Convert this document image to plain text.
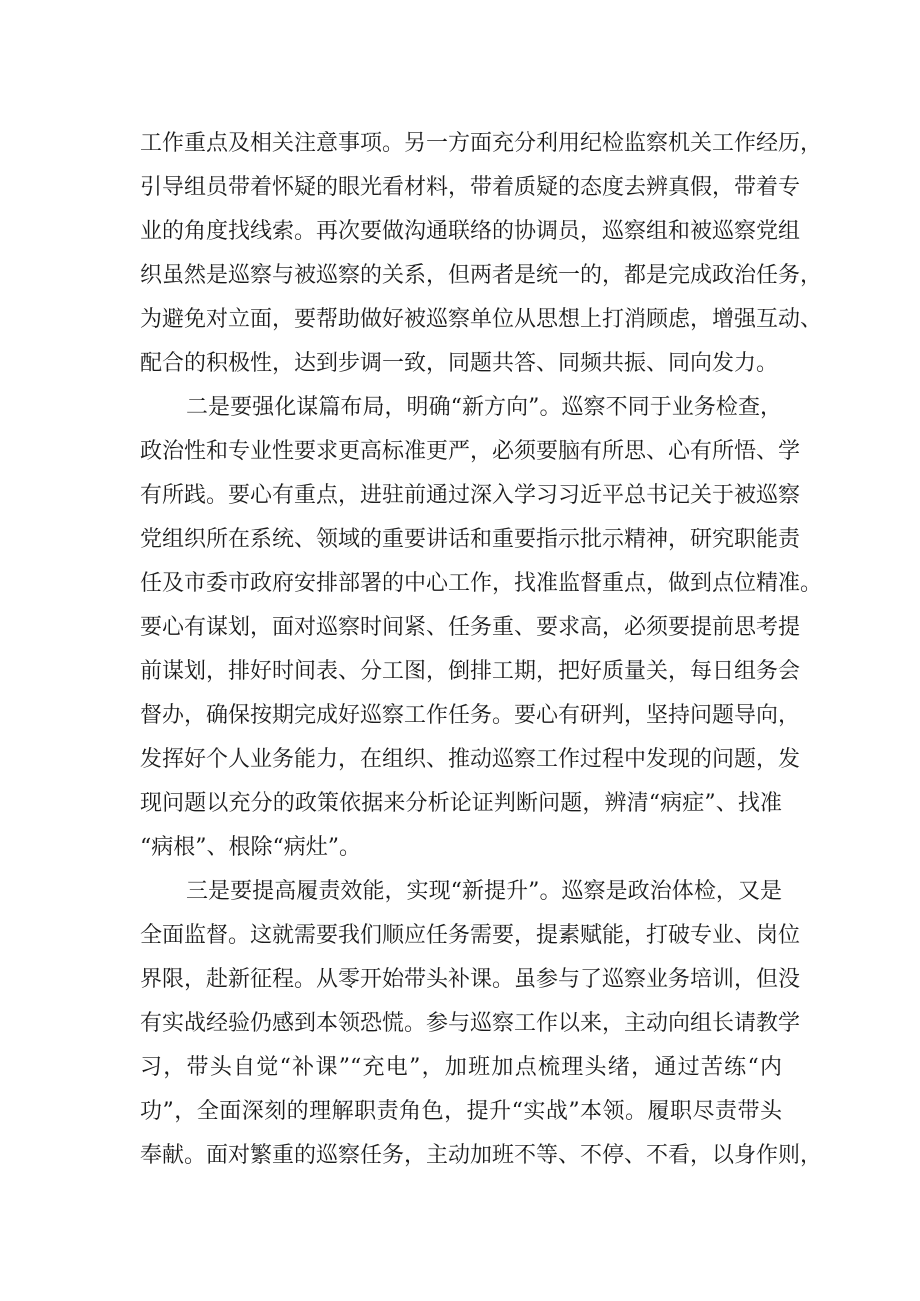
工作重点及相关注意事项。另一方面充分利用纪检监察机关工作经历，
引导组员带着怀疑的眼光看材料，带着质疑的态度去辨真假，带着专
业的角度找线索。再次要做沟通联络的协调员，巡察组和被巡察党组
织虽然是巡察与被巡察的关系，但两者是统一的，都是完成政治任务，
为避免对立面，要帮助做好被巡察单位从思想上打消顾虑，增强互动、
配合的积极性，达到步调一致，同题共答、同频共振、同向发力。
二是要强化谋篇布局，明确“新方向”。巡察不同于业务检查，
政治性和专业性要求更高标准更严，必须要脑有所思、心有所悟、学
有所践。要心有重点，进驻前通过深入学习习近平总书记关于被巡察
党组织所在系统、领域的重要讲话和重要指示批示精神，研究职能责
任及市委市政府安排部署的中心工作，找准监督重点，做到点位精准。
要心有谋划，面对巡察时间紧、任务重、要求高，必须要提前思考提
前谋划，排好时间表、分工图，倒排工期，把好质量关，每日组务会
督办，确保按期完成好巡察工作任务。要心有研判，坚持问题导向，
发挥好个人业务能力，在组织、推动巡察工作过程中发现的问题，发
现问题以充分的政策依据来分析论证判断问题，辨清“病症”、找准
“病根”、根除“病灶”。
三是要提高履责效能，实现“新提升”。巡察是政治体检，又是
全面监督。这就需要我们顺应任务需要，提素赋能，打破专业、岗位
界限，赴新征程。从零开始带头补课。虽参与了巡察业务培训，但没
有实战经验仍感到本领恐慌。参与巡察工作以来，主动向组长请教学
习，带头自觉“补课”“充电”，加班加点梳理头绪，通过苦练“内
功”，全面深刻的理解职责角色，提升“实战”本领。履职尽责带头
奉献。面对繁重的巡察任务，主动加班不等、不停、不看，以身作则，
